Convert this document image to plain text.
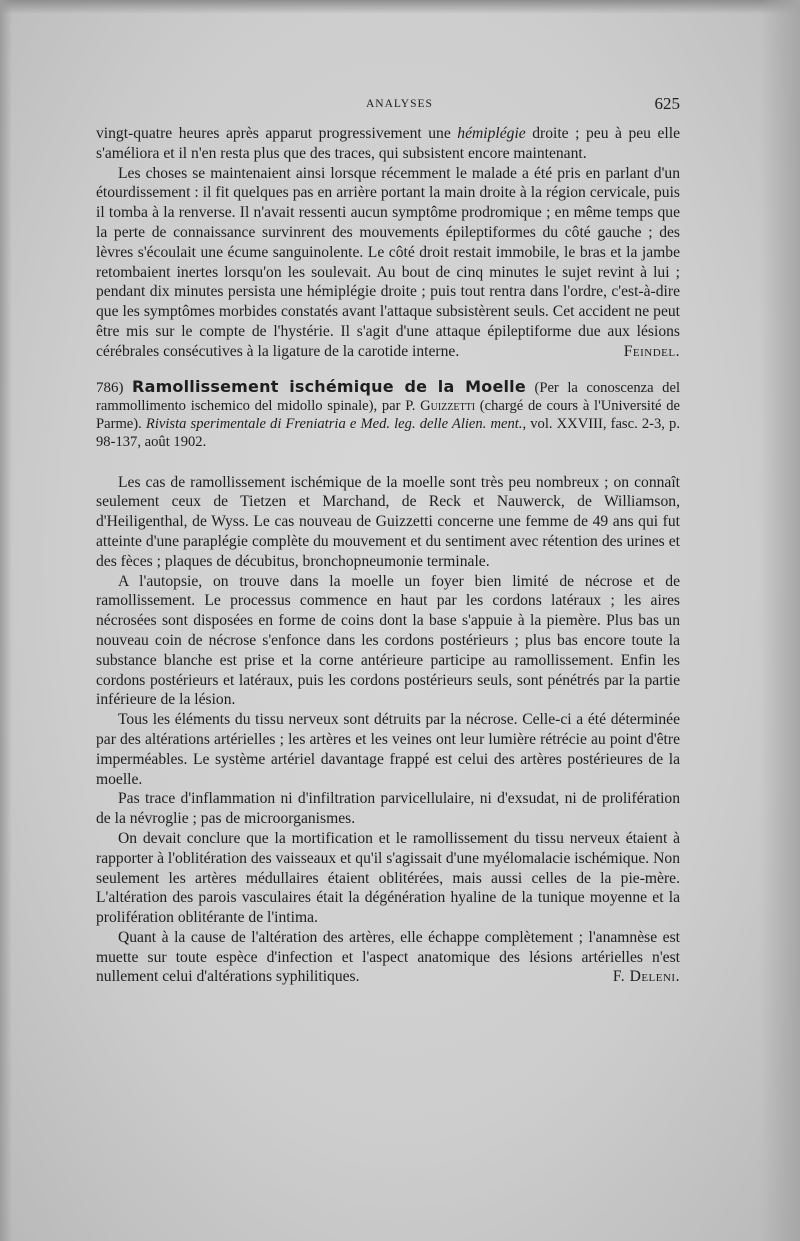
ANALYSES	625

vingt-quatre heures après apparut progressivement une hémiplégie droite ; peu à peu elle s'améliora et il n'en resta plus que des traces, qui subsistent encore maintenant.

Les choses se maintenaient ainsi lorsque récemment le malade a été pris en parlant d'un étourdissement : il fit quelques pas en arrière portant la main droite à la région cervicale, puis il tomba à la renverse. Il n'avait ressenti aucun symptôme prodromique ; en même temps que la perte de connaissance survinrent des mouvements épileptiformes du côté gauche ; des lèvres s'écoulait une écume sanguinolente. Le côté droit restait immobile, le bras et la jambe retombaient inertes lorsqu'on les soulevait. Au bout de cinq minutes le sujet revint à lui ; pendant dix minutes persista une hémiplégie droite ; puis tout rentra dans l'ordre, c'est-à-dire que les symptômes morbides constatés avant l'attaque subsistèrent seuls. Cet accident ne peut être mis sur le compte de l'hystérie. Il s'agit d'une attaque épileptiforme due aux lésions cérébrales consécutives à la ligature de la carotide interne.	Feindel.

786) Ramollissement ischémique de la Moelle (Per la conoscenza del rammollimento ischemico del midollo spinale), par P. Guizzetti (chargé de cours à l'Université de Parme). Rivista sperimentale di Freniatria e Med. leg. delle Alien. ment., vol. XXVIII, fasc. 2-3, p. 98-137, août 1902.

Les cas de ramollissement ischémique de la moelle sont très peu nombreux ; on connaît seulement ceux de Tietzen et Marchand, de Reck et Nauwerck, de Williamson, d'Heiligenthal, de Wyss. Le cas nouveau de Guizzetti concerne une femme de 49 ans qui fut atteinte d'une paraplégie complète du mouvement et du sentiment avec rétention des urines et des fèces ; plaques de décubitus, bronchopneumonie terminale.

A l'autopsie, on trouve dans la moelle un foyer bien limité de nécrose et de ramollissement. Le processus commence en haut par les cordons latéraux ; les aires nécrosées sont disposées en forme de coins dont la base s'appuie à la piemère. Plus bas un nouveau coin de nécrose s'enfonce dans les cordons postérieurs ; plus bas encore toute la substance blanche est prise et la corne antérieure participe au ramollissement. Enfin les cordons postérieurs et latéraux, puis les cordons postérieurs seuls, sont pénétrés par la partie inférieure de la lésion.

Tous les éléments du tissu nerveux sont détruits par la nécrose. Celle-ci a été déterminée par des altérations artérielles ; les artères et les veines ont leur lumière rétrécie au point d'être imperméables. Le système artériel davantage frappé est celui des artères postérieures de la moelle.

Pas trace d'inflammation ni d'infiltration parvicellulaire, ni d'exsudat, ni de prolifération de la névroglie ; pas de microorganismes.

On devait conclure que la mortification et le ramollissement du tissu nerveux étaient à rapporter à l'oblitération des vaisseaux et qu'il s'agissait d'une myélomalacie ischémique. Non seulement les artères médullaires étaient oblitérées, mais aussi celles de la pie-mère. L'altération des parois vasculaires était la dégénération hyaline de la tunique moyenne et la prolifération oblitérante de l'intima.

Quant à la cause de l'altération des artères, elle échappe complètement ; l'anamnèse est muette sur toute espèce d'infection et l'aspect anatomique des lésions artérielles n'est nullement celui d'altérations syphilitiques.	F. Deleni.
